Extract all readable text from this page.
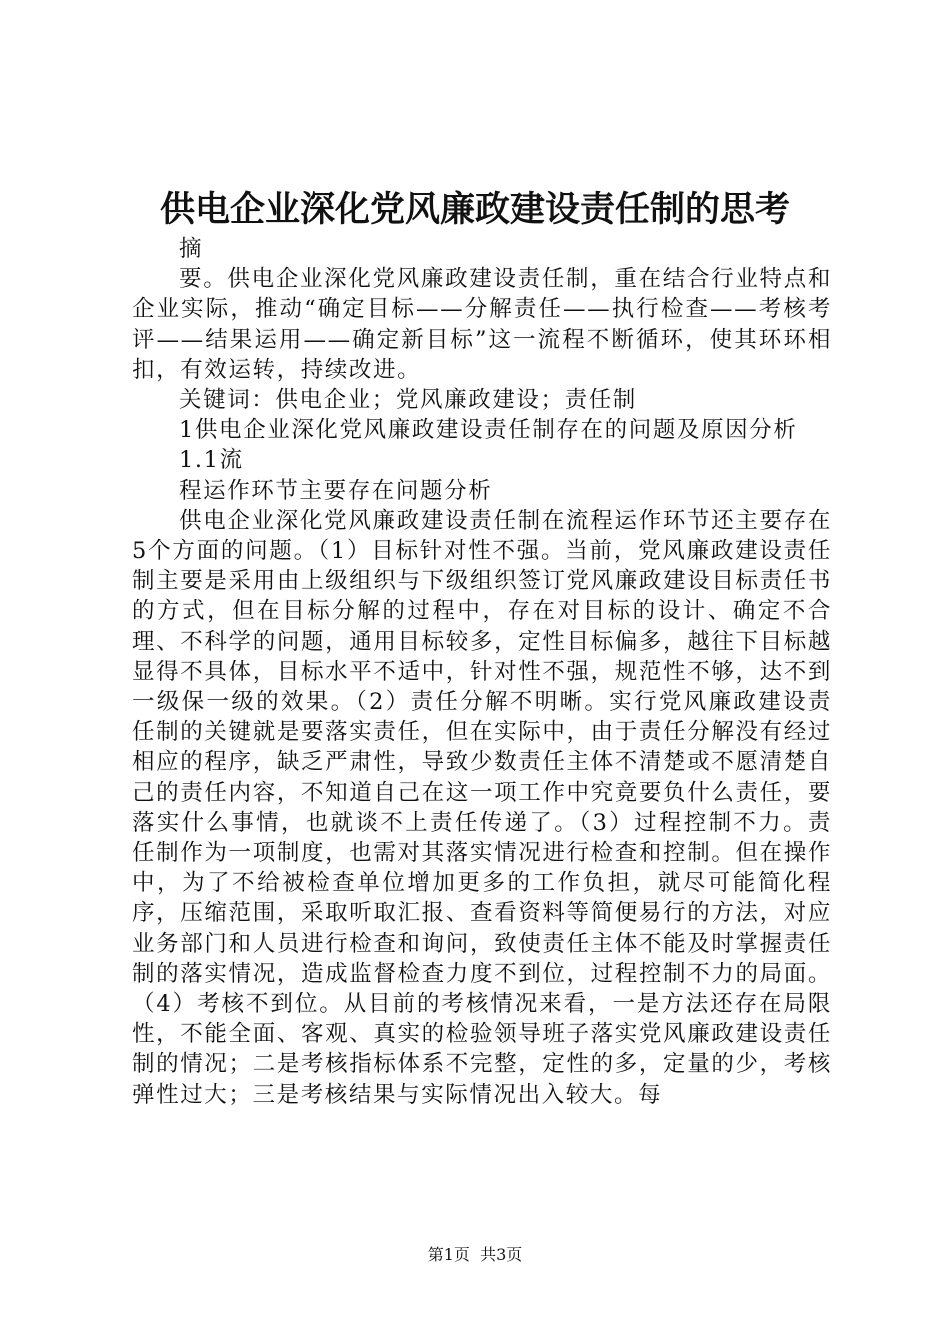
供电企业深化党风廉政建设责任制的思考

摘

要。供电企业深化党风廉政建设责任制，重在结合行业特点和企业实际，推动“确定目标——分解责任——执行检查——考核考评——结果运用——确定新目标”这一流程不断循环，使其环环相扣，有效运转，持续改进。

关键词：供电企业；党风廉政建设；责任制

1供电企业深化党风廉政建设责任制存在的问题及原因分析

1.1流

程运作环节主要存在问题分析

供电企业深化党风廉政建设责任制在流程运作环节还主要存在5个方面的问题。（1）目标针对性不强。当前，党风廉政建设责任制主要是采用由上级组织与下级组织签订党风廉政建设目标责任书的方式，但在目标分解的过程中，存在对目标的设计、确定不合理、不科学的问题，通用目标较多，定性目标偏多，越往下目标越显得不具体，目标水平不适中，针对性不强，规范性不够，达不到一级保一级的效果。（2）责任分解不明晰。实行党风廉政建设责任制的关键就是要落实责任，但在实际中，由于责任分解没有经过相应的程序，缺乏严肃性，导致少数责任主体不清楚或不愿清楚自己的责任内容，不知道自己在这一项工作中究竟要负什么责任，要落实什么事情，也就谈不上责任传递了。（3）过程控制不力。责任制作为一项制度，也需对其落实情况进行检查和控制。但在操作中，为了不给被检查单位增加更多的工作负担，就尽可能简化程序，压缩范围，采取听取汇报、查看资料等简便易行的方法，对应业务部门和人员进行检查和询问，致使责任主体不能及时掌握责任制的落实情况，造成监督检查力度不到位，过程控制不力的局面。（4）考核不到位。从目前的考核情况来看，一是方法还存在局限性，不能全面、客观、真实的检验领导班子落实党风廉政建设责任制的情况；二是考核指标体系不完整，定性的多，定量的少，考核弹性过大；三是考核结果与实际情况出入较大。每

第1页  共3页
